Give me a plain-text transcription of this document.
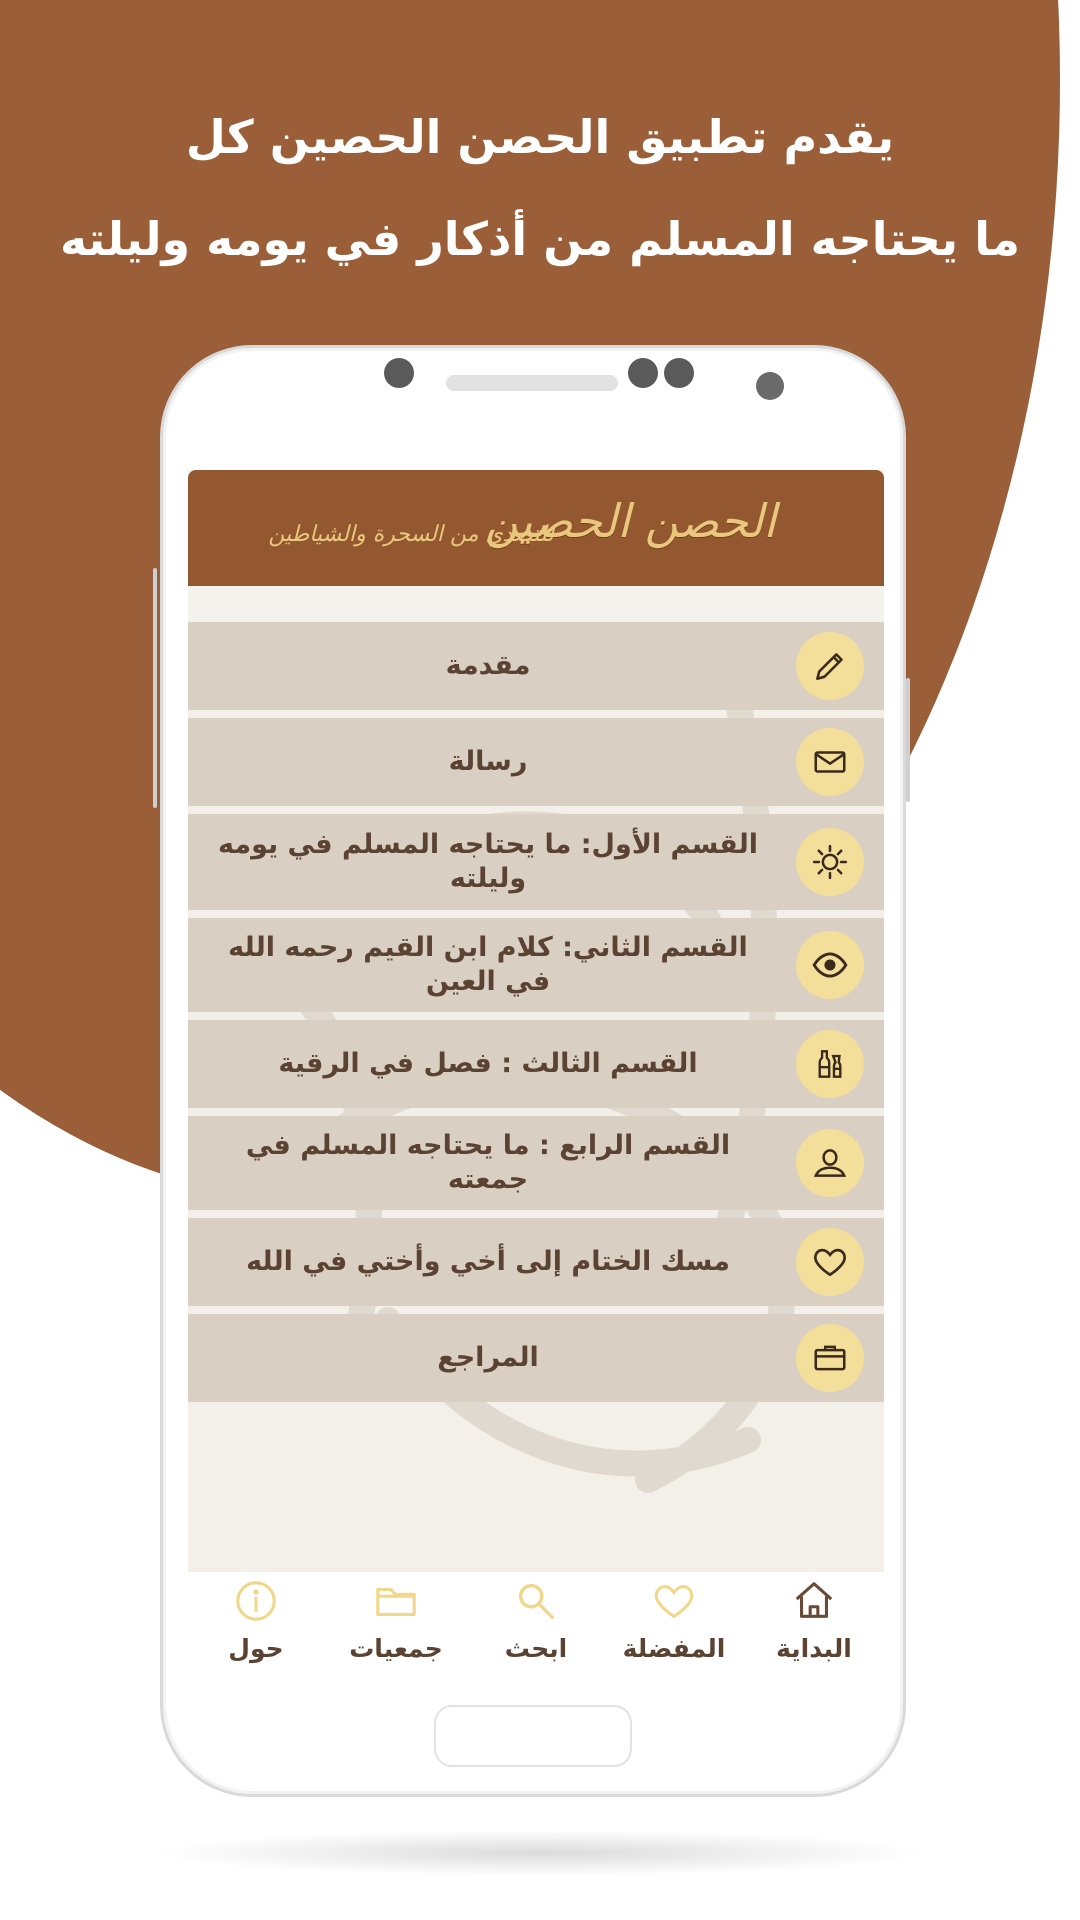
يقدم تطبيق الحصن الحصين كل
ما يحتاجه المسلم من أذكار في يومه وليلته
الحصن الحصين
للتصدي من السحرة والشياطين
مقدمة
رسالة
القسم الأول: ما يحتاجه المسلم في يومه وليلته
القسم الثاني: كلام ابن القيم رحمه الله في العين
القسم الثالث : فصل في الرقية
القسم الرابع : ما يحتاجه المسلم في جمعته
مسك الختام إلى أخي وأختي في الله
المراجع
البداية
المفضلة
ابحث
جمعيات
حول
